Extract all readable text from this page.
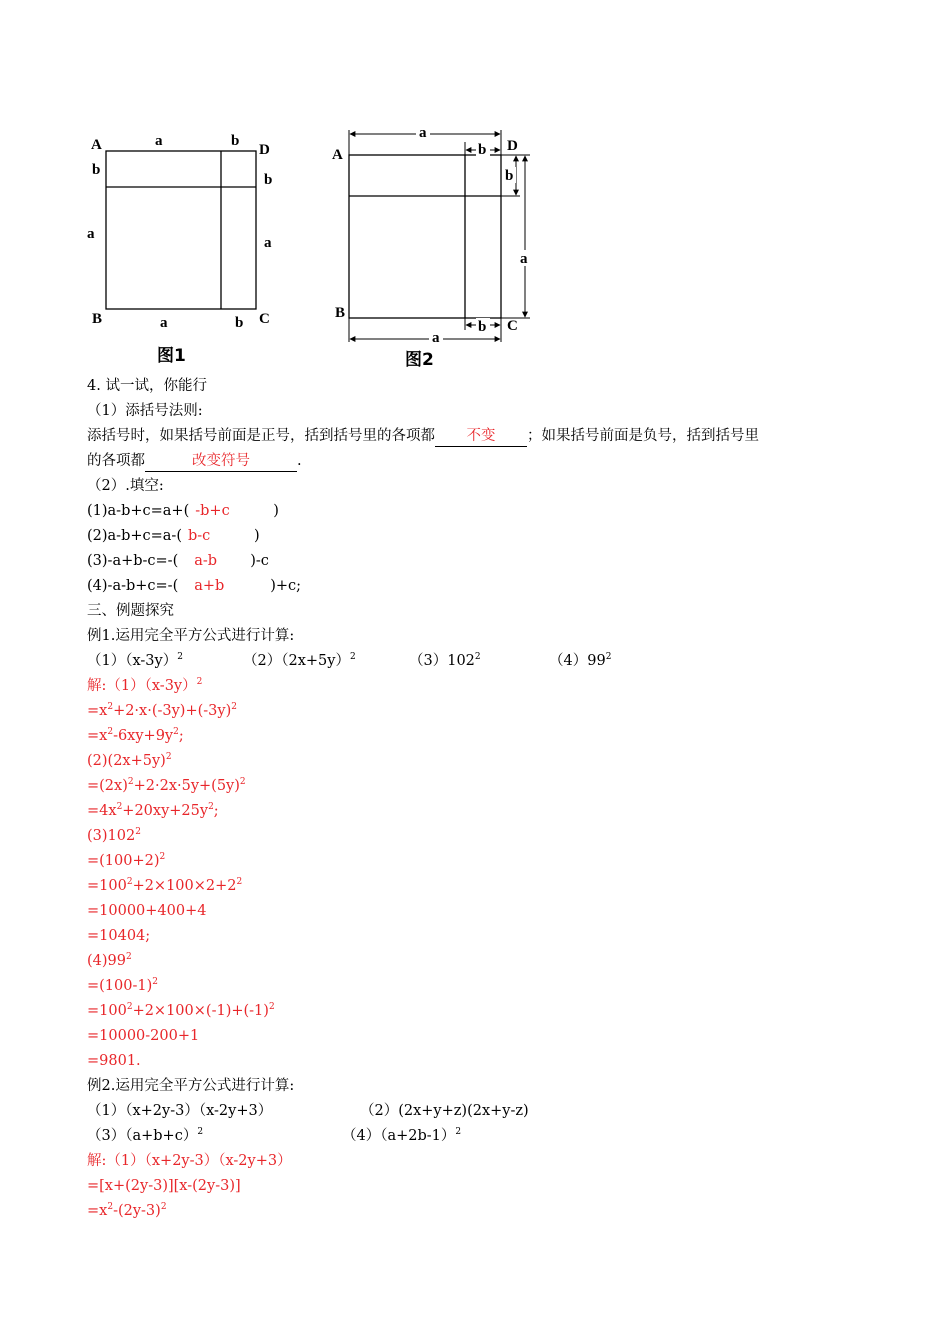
A	a	b
D
b
a
b
a
B	a	b C
图1
a
b D
A
b
a
B
b C
a
图2
4. 试一试，你能行
（1）添括号法则:
添括号时，如果括号前面是正号，括到括号里的各项都 不变 ；如果括号前面是负号，括到括号里
的各项都	改变符号	.
（2）.填空:
(1)a-b+c=a+( -b+c	)
(2)a-b+c=a-( b-c	)
(3)-a+b-c=-( a-b )-c
(4)-a-b+c=-( a+b	)+c;
三、例题探究
例1.运用完全平方公式进行计算:
$(1)(x-3y)^2$	$(2)(2x+5y)^2$	$(3)102^2$	$(4)99^2$
解$:(1)(x-3y)^2$
$=x^2+2\cdot x\cdot(-3y)+(-3y)^2$
$=x^2-6xy+9y^2$;
$(2)(2x+5y)^2$
$=(2x)^2+2\cdot 2x\cdot 5y+(5y)^2$
$=4x^2+20xy+25y^2$;
$(3)102^2$
$=(100+2)^2$
$=100^2+2\times 100\times 2+2^2$
=10000+400+4
=10404;
$(4)99^2$
$=(100-1)^2$
$=100^2+2\times 100\times(-1)+(-1)^2$
=10000-200+1
=9801.
例2.运用完全平方公式进行计算:
（1）（x+2y-3）（x-2y+3）	（2）(2x+y+z)(2x+y-z)
$(3)(a+b+c)^2$	$(4)(a+2b-1)^2$
解:（1）（x+2y-3）（x-2y+3）
=[x+(2y-3)][x-(2y-3)]
$=x^2-(2y-3)^2$
